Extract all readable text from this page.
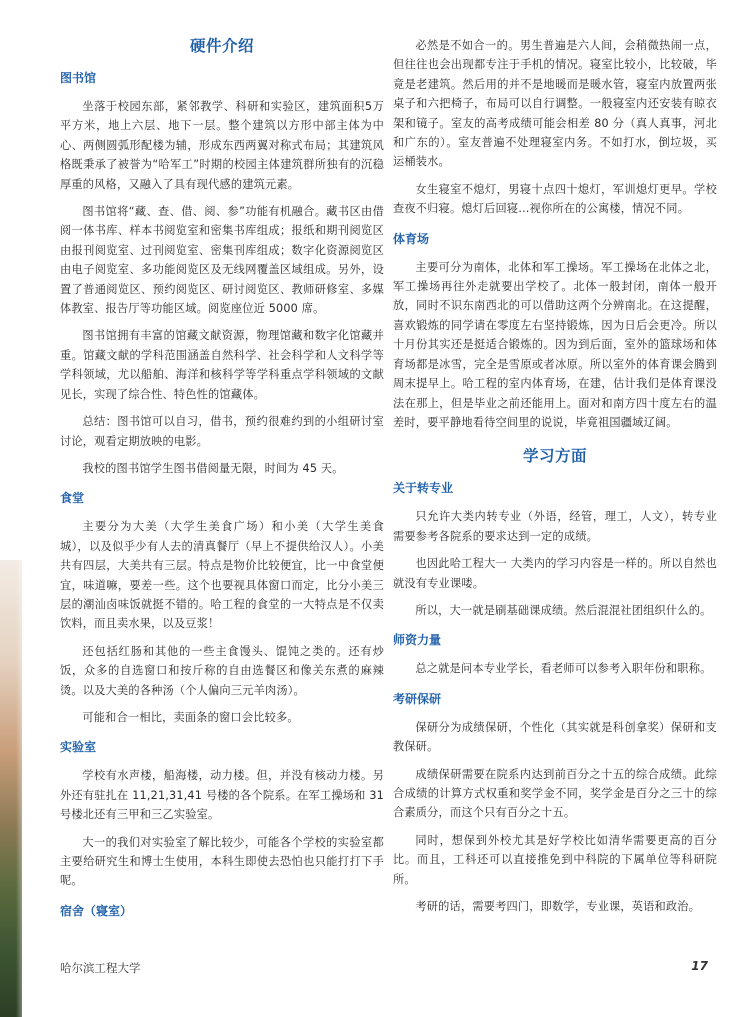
硬件介绍
图书馆

坐落于校园东部，紧邻教学、科研和实验区，建筑面积5万平方米，地上六层、地下一层。整个建筑以方形中部主体为中心、两侧圆弧形配楼为辅，形成东西两翼对称式布局；其建筑风格既秉承了被誉为“哈军工”时期的校园主体建筑群所独有的沉稳厚重的风格，又融入了具有现代感的建筑元素。

图书馆将“藏、查、借、阅、参”功能有机融合。藏书区由借阅一体书库、样本书阅览室和密集书库组成；报纸和期刊阅览区由报刊阅览室、过刊阅览室、密集刊库组成；数字化资源阅览区由电子阅览室、多功能阅览区及无线网覆盖区域组成。另外，设置了普通阅览区、预约阅览区、研讨阅览区、教师研修室、多媒体教室、报告厅等功能区域。阅览座位近 5000 席。

图书馆拥有丰富的馆藏文献资源，物理馆藏和数字化馆藏并重。馆藏文献的学科范围涵盖自然科学、社会科学和人文科学等学科领域，尤以船舶、海洋和核科学等学科重点学科领域的文献见长，实现了综合性、特色性的馆藏体。

总结：图书馆可以自习，借书，预约很难约到的小组研讨室讨论，观看定期放映的电影。

我校的图书馆学生图书借阅量无限，时间为 45 天。

食堂

主要分为大美（大学生美食广场）和小美（大学生美食城），以及似乎少有人去的清真餐厅（早上不提供给汉人）。小美共有四层，大美共有三层。特点是物价比较便宜，比一中食堂便宜，味道嘛，要差一些。这个也要视具体窗口而定，比分小美三层的潮汕卤味饭就挺不错的。哈工程的食堂的一大特点是不仅卖饮料，而且卖水果，以及豆浆！

还包括红肠和其他的一些主食馒头、馄饨之类的。还有炒饭，众多的自选窗口和按斤称的自由选餐区和像关东煮的麻辣烫。以及大美的各种汤（个人偏向三元羊肉汤）。

可能和合一相比，卖面条的窗口会比较多。

实验室

学校有水声楼，船海楼，动力楼。但，并没有核动力楼。另外还有驻扎在 11,21,31,41 号楼的各个院系。在军工操场和 31 号楼北还有三甲和三乙实验室。

大一的我们对实验室了解比较少，可能各个学校的实验室都主要给研究生和博士生使用，本科生即使去恐怕也只能打打下手呢。

宿舍（寝室）

必然是不如合一的。男生普遍是六人间，会稍微热闹一点，但往往也会出现都专注于手机的情况。寝室比较小，比较破，毕竟是老建筑。然后用的并不是地暖而是暖水管，寝室内放置两张桌子和六把椅子，布局可以自行调整。一般寝室内还安装有晾衣架和镜子。室友的高考成绩可能会相差 80 分（真人真事，河北和广东的）。室友普遍不处理寝室内务。不如打水，倒垃圾，买运桶装水。

女生寝室不熄灯，男寝十点四十熄灯，军训熄灯更早。学校查夜不归寝。熄灯后回寝…视你所在的公寓楼，情况不同。

体育场

主要可分为南体，北体和军工操场。军工操场在北体之北，军工操场再往外走就要出学校了。北体一般封闭，南体一般开放，同时不识东南西北的可以借助这两个分辨南北。在这提醒，喜欢锻炼的同学请在零度左右坚持锻炼，因为日后会更冷。所以十月份其实还是挺适合锻炼的。因为到后面，室外的篮球场和体育场都是冰雪，完全是雪原或者冰原。所以室外的体育课会腾到周末提早上。哈工程的室内体育场，在建，估计我们是体育课没法在那上，但是毕业之前还能用上。面对和南方四十度左右的温差时，要平静地看待空间里的说说，毕竟祖国疆域辽阔。

学习方面
关于转专业

只允许大类内转专业（外语，经管，理工，人文），转专业需要参考各院系的要求达到一定的成绩。

也因此哈工程大一 大类内的学习内容是一样的。所以自然也就没有专业课喽。

所以，大一就是刷基础课成绩。然后混混社团组织什么的。

师资力量

总之就是问本专业学长，看老师可以参考入职年份和职称。

考研保研

保研分为成绩保研，个性化（其实就是科创拿奖）保研和支教保研。

成绩保研需要在院系内达到前百分之十五的综合成绩。此综合成绩的计算方式权重和奖学金不同，奖学金是百分之三十的综合素质分，而这个只有百分之十五。

同时，想保到外校尤其是好学校比如清华需要更高的百分比。而且，工科还可以直接推免到中科院的下属单位等科研院所。

考研的话，需要考四门，即数学，专业课，英语和政治。

哈尔滨工程大学	17
